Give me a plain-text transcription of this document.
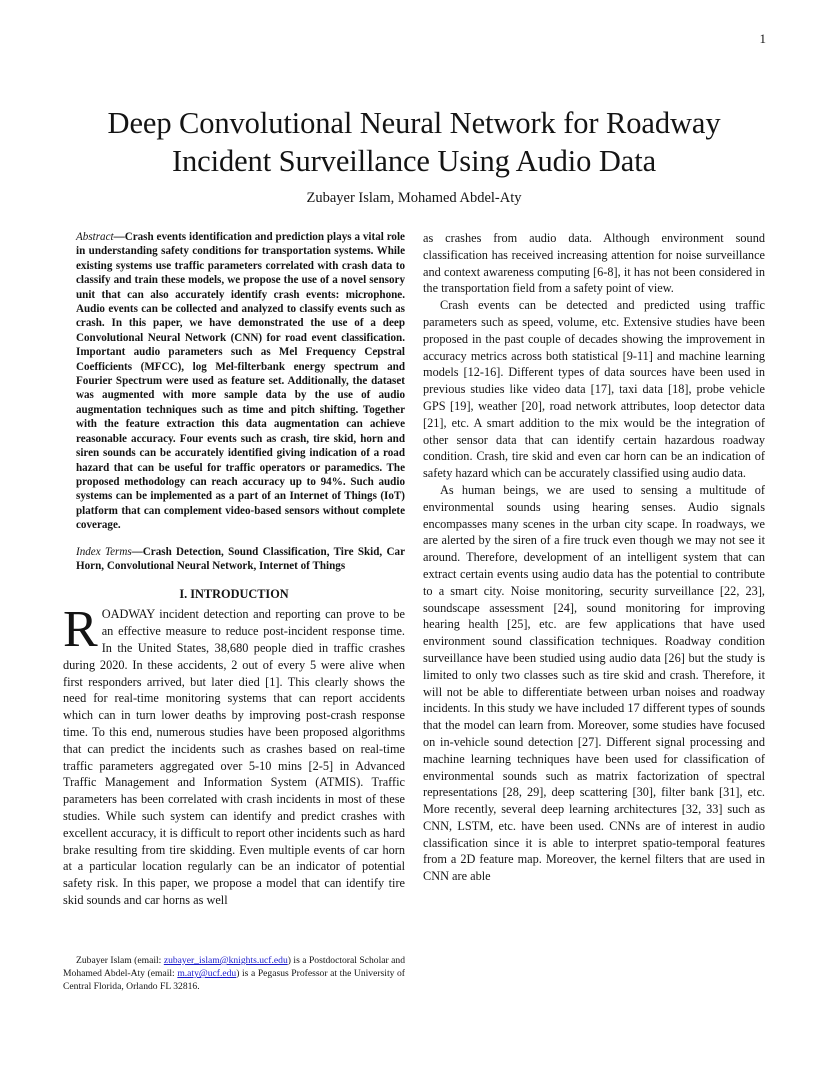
1
Deep Convolutional Neural Network for Roadway
Incident Surveillance Using Audio Data
Zubayer Islam, Mohamed Abdel-Aty

Abstract—Crash events identification and prediction plays a vital role in understanding safety conditions for transportation systems. While existing systems use traffic parameters correlated with crash data to classify and train these models, we propose the use of a novel sensory unit that can also accurately identify crash events: microphone. Audio events can be collected and analyzed to classify events such as crash. In this paper, we have demonstrated the use of a deep Convolutional Neural Network (CNN) for road event classification. Important audio parameters such as Mel Frequency Cepstral Coefficients (MFCC), log Mel-filterbank energy spectrum and Fourier Spectrum were used as feature set. Additionally, the dataset was augmented with more sample data by the use of audio augmentation techniques such as time and pitch shifting. Together with the feature extraction this data augmentation can achieve reasonable accuracy. Four events such as crash, tire skid, horn and siren sounds can be accurately identified giving indication of a road hazard that can be useful for traffic operators or paramedics. The proposed methodology can reach accuracy up to 94%. Such audio systems can be implemented as a part of an Internet of Things (IoT) platform that can complement video-based sensors without complete coverage.

Index Terms—Crash Detection, Sound Classification, Tire Skid, Car Horn, Convolutional Neural Network, Internet of Things

I. INTRODUCTION

ROADWAY incident detection and reporting can prove to be an effective measure to reduce post-incident response time. In the United States, 38,680 people died in traffic crashes during 2020. In these accidents, 2 out of every 5 were alive when first responders arrived, but later died [1]. This clearly shows the need for real-time monitoring systems that can report accidents which can in turn lower deaths by improving post-crash response time. To this end, numerous studies have been proposed algorithms that can predict the incidents such as crashes based on real-time traffic parameters aggregated over 5-10 mins [2-5] in Advanced Traffic Management and Information System (ATMIS). Traffic parameters has been correlated with crash incidents in most of these studies. While such system can identify and predict crashes with excellent accuracy, it is difficult to report other incidents such as hard brake resulting from tire skidding. Even multiple events of car horn at a particular location regularly can be an indicator of potential safety risk. In this paper, we propose a model that can identify tire skid sounds and car horns as well

as crashes from audio data. Although environment sound classification has received increasing attention for noise surveillance and context awareness computing [6-8], it has not been considered in the transportation field from a safety point of view.

Crash events can be detected and predicted using traffic parameters such as speed, volume, etc. Extensive studies have been proposed in the past couple of decades showing the improvement in accuracy metrics across both statistical [9-11] and machine learning models [12-16]. Different types of data sources have been used in previous studies like video data [17], taxi data [18], probe vehicle GPS [19], weather [20], road network attributes, loop detector data [21], etc. A smart addition to the mix would be the integration of other sensor data that can identify certain hazardous roadway condition. Crash, tire skid and even car horn can be an indication of safety hazard which can be accurately classified using audio data.

As human beings, we are used to sensing a multitude of environmental sounds using hearing senses. Audio signals encompasses many scenes in the urban city scape. In roadways, we are alerted by the siren of a fire truck even though we may not see it around. Therefore, development of an intelligent system that can extract certain events using audio data has the potential to contribute to a smart city. Noise monitoring, security surveillance [22, 23], soundscape assessment [24], sound monitoring for improving hearing health [25], etc. are few applications that have used environment sound classification techniques. Roadway condition surveillance have been studied using audio data [26] but the study is limited to only two classes such as tire skid and crash. Therefore, it will not be able to differentiate between urban noises and roadway incidents. In this study we have included 17 different types of sounds that the model can learn from. Moreover, some studies have focused on in-vehicle sound detection [27]. Different signal processing and machine learning techniques have been used for classification of environmental sounds such as matrix factorization of spectral representations [28, 29], deep scattering [30], filter bank [31], etc. More recently, several deep learning architectures [32, 33] such as CNN, LSTM, etc. have been used. CNNs are of interest in audio classification since it is able to interpret spatio-temporal features from a 2D feature map. Moreover, the kernel filters that are used in CNN are able

Zubayer Islam (email: zubayer_islam@knights.ucf.edu) is a Postdoctoral Scholar and Mohamed Abdel-Aty (email: m.aty@ucf.edu) is a Pegasus Professor at the University of Central Florida, Orlando FL 32816.
